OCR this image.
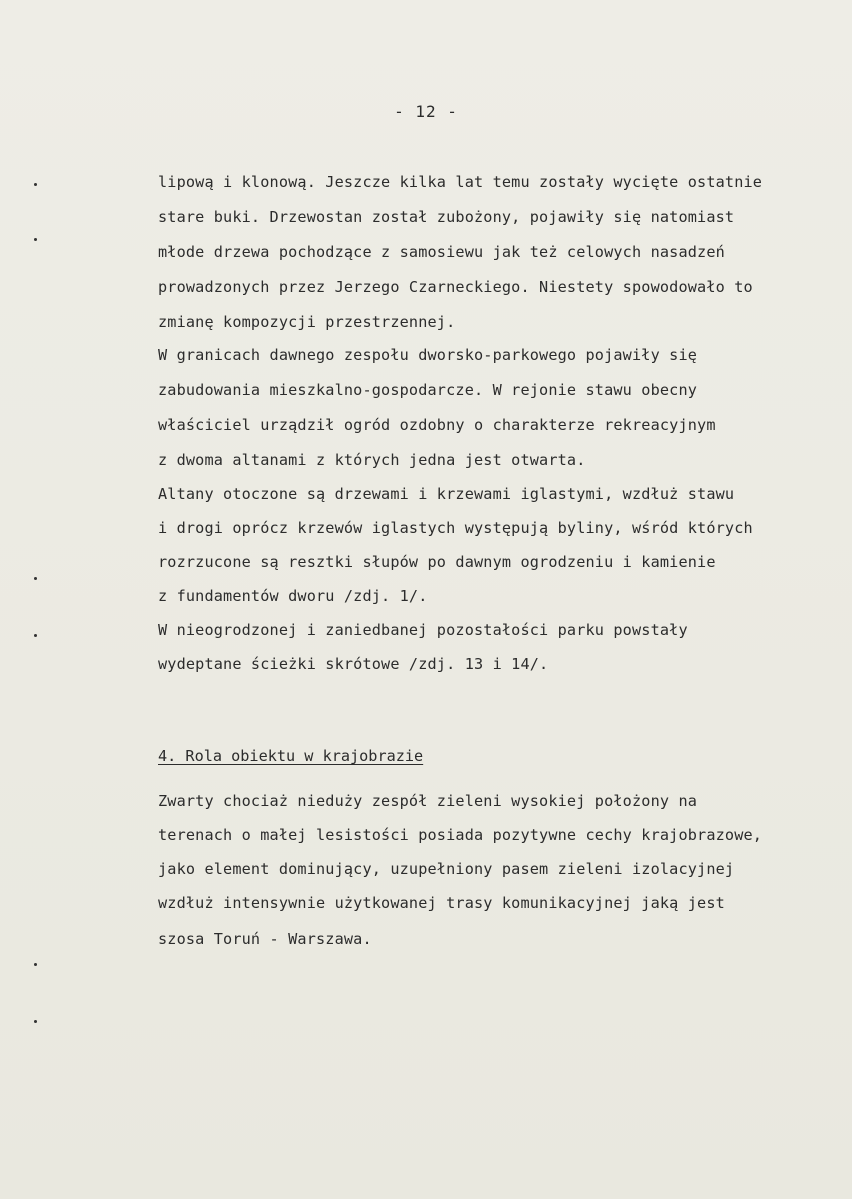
- 12 -
lipową i klonową. Jeszcze kilka lat temu zostały wycięte ostatnie
stare buki. Drzewostan został zubożony, pojawiły się natomiast
młode drzewa pochodzące z samosiewu jak też celowych nasadzeń
prowadzonych przez Jerzego Czarneckiego. Niestety spowodowało to
zmianę kompozycji przestrzennej.
W granicach dawnego zespołu dworsko-parkowego pojawiły się
zabudowania mieszkalno-gospodarcze. W rejonie stawu obecny
właściciel urządził ogród ozdobny o charakterze rekreacyjnym
z dwoma altanami z których jedna jest otwarta.
Altany otoczone są drzewami i krzewami iglastymi, wzdłuż stawu
i drogi oprócz krzewów iglastych występują byliny, wśród których
rozrzucone są resztki słupów po dawnym ogrodzeniu i kamienie
z fundamentów dworu /zdj. 1/.
W nieogrodzonej i zaniedbanej pozostałości parku powstały
wydeptane ścieżki skrótowe /zdj. 13 i 14/.
4. Rola obiektu w krajobrazie
Zwarty chociaż nieduży zespół zieleni wysokiej położony na
terenach o małej lesistości posiada pozytywne cechy krajobrazowe,
jako element dominujący, uzupełniony pasem zieleni izolacyjnej
wzdłuż intensywnie użytkowanej trasy komunikacyjnej jaką jest
szosa Toruń - Warszawa.
